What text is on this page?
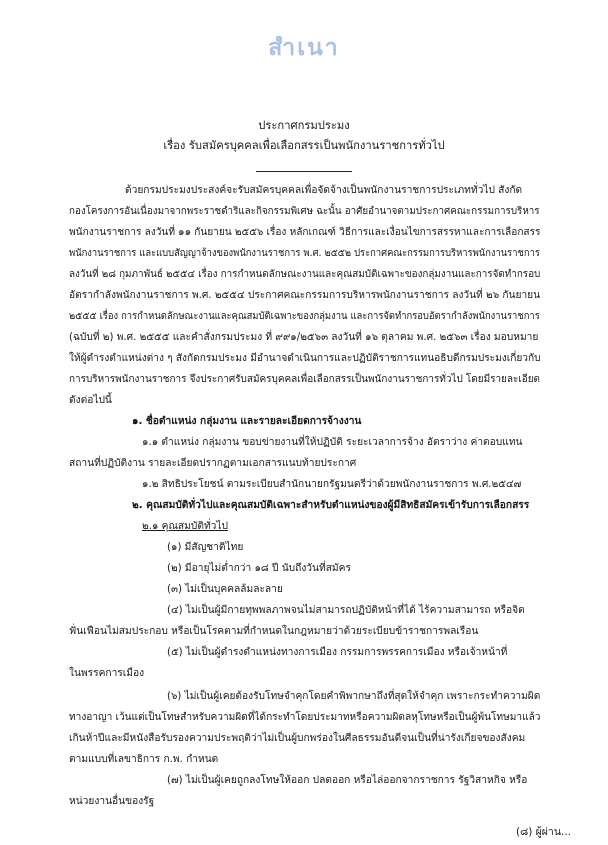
สำเนา
ประกาศกรมประมง
เรื่อง รับสมัครบุคคลเพื่อเลือกสรรเป็นพนักงานราชการทั่วไป
ด้วยกรมประมงประสงค์จะรับสมัครบุคคลเพื่อจัดจ้างเป็นพนักงานราชการประเภททั่วไป สังกัด
กองโครงการอันเนื่องมาจากพระราชดำริและกิจกรรมพิเศษ ฉะนั้น อาศัยอำนาจตามประกาศคณะกรรมการบริหาร
พนักงานราชการ ลงวันที่ ๑๑ กันยายน ๒๕๕๖ เรื่อง หลักเกณฑ์ วิธีการและเงื่อนไขการสรรหาและการเลือกสรร
พนักงานราชการ และแบบสัญญาจ้างของพนักงานราชการ พ.ศ. ๒๕๕๒ ประกาศคณะกรรมการบริหารพนักงานราชการ
ลงวันที่ ๒๘ กุมภาพันธ์ ๒๕๕๔ เรื่อง การกำหนดลักษณะงานและคุณสมบัติเฉพาะของกลุ่มงานและการจัดทำกรอบ
อัตรากำลังพนักงานราชการ พ.ศ. ๒๕๕๔ ประกาศคณะกรรมการบริหารพนักงานราชการ ลงวันที่ ๒๖ กันยายน
๒๕๕๕ เรื่อง การกำหนดลักษณะงานและคุณสมบัติเฉพาะของกลุ่มงาน และการจัดทำกรอบอัตรากำลังพนักงานราชการ
(ฉบับที่ ๒) พ.ศ. ๒๕๕๕ และคำสั่งกรมประมง ที่ ๙๙๑/๒๕๖๓ ลงวันที่ ๑๖ ตุลาคม พ.ศ. ๒๕๖๓ เรื่อง มอบหมาย
ให้ผู้ดำรงตำแหน่งต่าง ๆ สังกัดกรมประมง มีอำนาจดำเนินการและปฏิบัติราชการแทนอธิบดีกรมประมงเกี่ยวกับ
การบริหารพนักงานราชการ จึงประกาศรับสมัครบุคคลเพื่อเลือกสรรเป็นพนักงานราชการทั่วไป โดยมีรายละเอียด
ดังต่อไปนี้
๑. ชื่อตำแหน่ง กลุ่มงาน และรายละเอียดการจ้างงาน
๑.๑ ตำแหน่ง กลุ่มงาน ขอบข่ายงานที่ให้ปฏิบัติ ระยะเวลาการจ้าง อัตราว่าง ค่าตอบแทน
สถานที่ปฏิบัติงาน รายละเอียดปรากฏตามเอกสารแนบท้ายประกาศ
๑.๒ สิทธิประโยชน์ ตามระเบียบสำนักนายกรัฐมนตรีว่าด้วยพนักงานราชการ พ.ศ.๒๕๔๗
๒. คุณสมบัติทั่วไปและคุณสมบัติเฉพาะสำหรับตำแหน่งของผู้มีสิทธิสมัครเข้ารับการเลือกสรร
๒.๑ คุณสมบัติทั่วไป
(๑) มีสัญชาติไทย
(๒) มีอายุไม่ต่ำกว่า ๑๘ ปี นับถึงวันที่สมัคร
(๓) ไม่เป็นบุคคลล้มละลาย
(๔) ไม่เป็นผู้มีกายทุพพลภาพจนไม่สามารถปฏิบัติหน้าที่ได้ ไร้ความสามารถ หรือจิต
ฟั่นเฟือนไม่สมประกอบ หรือเป็นโรคตามที่กำหนดในกฎหมายว่าด้วยระเบียบข้าราชการพลเรือน
(๕) ไม่เป็นผู้ดำรงตำแหน่งทางการเมือง กรรมการพรรคการเมือง หรือเจ้าหน้าที่
ในพรรคการเมือง
(๖) ไม่เป็นผู้เคยต้องรับโทษจำคุกโดยคำพิพากษาถึงที่สุดให้จำคุก เพราะกระทำความผิด
ทางอาญา เว้นแต่เป็นโทษสำหรับความผิดที่ได้กระทำโดยประมาทหรือความผิดลหุโทษหรือเป็นผู้พ้นโทษมาแล้ว
เกินห้าปีและมีหนังสือรับรองความประพฤติว่าไม่เป็นผู้บกพร่องในศีลธรรมอันดีจนเป็นที่น่ารังเกียจของสังคม
ตามแบบที่เลขาธิการ ก.พ. กำหนด
(๗) ไม่เป็นผู้เคยถูกลงโทษให้ออก ปลดออก หรือไล่ออกจากราชการ รัฐวิสาหกิจ หรือ
หน่วยงานอื่นของรัฐ
(๘) ผู้ผ่าน...
